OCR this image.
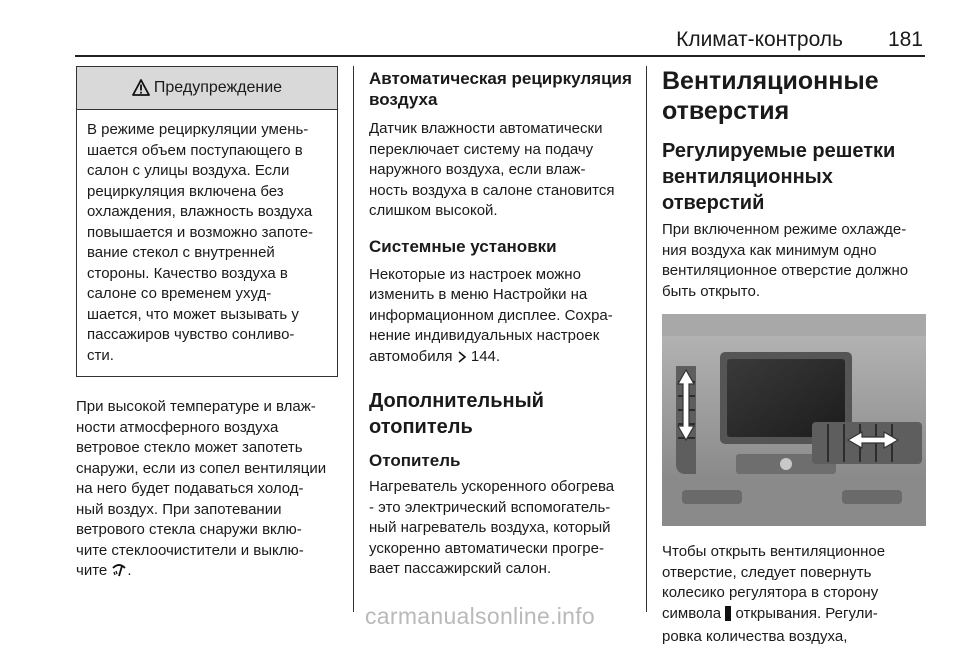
Климат-контроль 181
Предупреждение
В режиме рециркуляции умень-
шается объем поступающего в
салон с улицы воздуха. Если
рециркуляция включена без
охлаждения, влажность воздуха
повышается и возможно запоте-
вание стекол с внутренней
стороны. Качество воздуха в
салоне со временем ухуд-
шается, что может вызывать у
пассажиров чувство сонливо-
сти.

При высокой температуре и влаж-
ности атмосферного воздуха
ветровое стекло может запотеть
снаружи, если из сопел вентиляции
на него будет подаваться холод-
ный воздух. При запотевании
ветрового стекла снаружи вклю-
чите стеклоочистители и выклю-
чите .

Автоматическая рециркуляция
воздуха

Датчик влажности автоматически
переключает систему на подачу
наружного воздуха, если влаж-
ность воздуха в салоне становится
слишком высокой.

Системные установки

Некоторые из настроек можно
изменить в меню Настройки на
информационном дисплее. Сохра-
нение индивидуальных настроек
автомобиля 144.

Дополнительный
отопитель
Отопитель

Нагреватель ускоренного обогрева
- это электрический вспомогатель-
ный нагреватель воздуха, который
ускоренно автоматически прогре-
вает пассажирский салон.

Вентиляционные
отверстия
Регулируемые решетки
вентиляционных
отверстий

При включенном режиме охлажде-
ния воздуха как минимум одно
вентиляционное отверстие должно
быть открыто.

Чтобы открыть вентиляционное
отверстие, следует повернуть
колесико регулятора в сторону
символа открывания. Регули-
ровка количества воздуха,

carmanualsonline.info
